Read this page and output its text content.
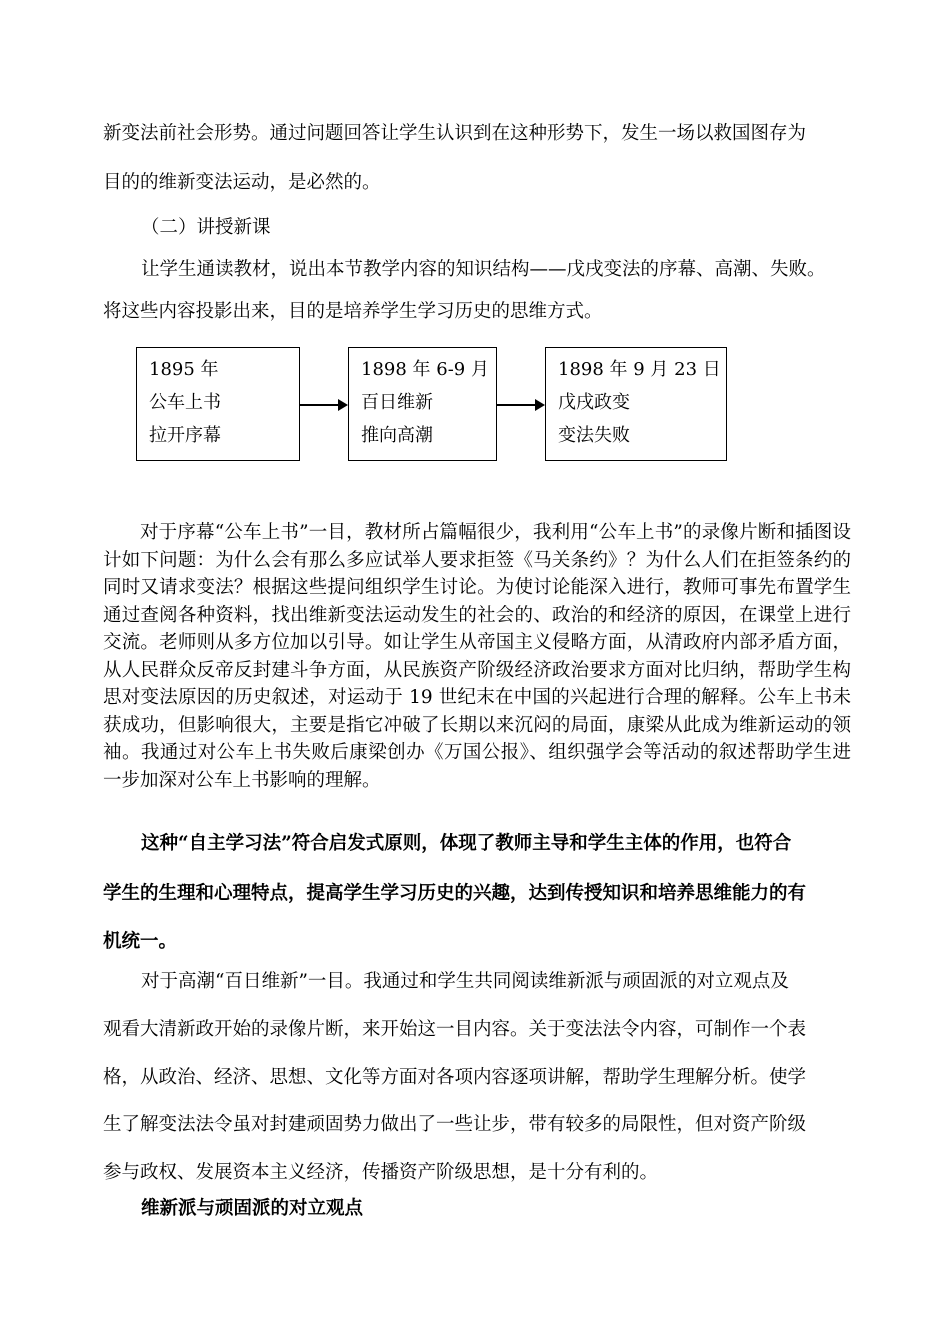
新变法前社会形势。通过问题回答让学生认识到在这种形势下，发生一场以救国图存为
目的的维新变法运动，是必然的。
（二）讲授新课
让学生通读教材，说出本节教学内容的知识结构——戊戌变法的序幕、高潮、失败。
将这些内容投影出来，目的是培养学生学习历史的思维方式。
1895 年
公车上书
拉开序幕
1898 年 6-9 月
百日维新
推向高潮
1898 年 9 月 23 日
戊戌政变
变法失败
对于序幕“公车上书”一目，教材所占篇幅很少，我利用“公车上书”的录像片断和插图设计如下问题：为什么会有那么多应试举人要求拒签《马关条约》？为什么人们在拒签条约的同时又请求变法？根据这些提问组织学生讨论。为使讨论能深入进行，教师可事先布置学生通过查阅各种资料，找出维新变法运动发生的社会的、政治的和经济的原因，在课堂上进行交流。老师则从多方位加以引导。如让学生从帝国主义侵略方面，从清政府内部矛盾方面，从人民群众反帝反封建斗争方面，从民族资产阶级经济政治要求方面对比归纳，帮助学生构思对变法原因的历史叙述，对运动于 19 世纪末在中国的兴起进行合理的解释。公车上书未获成功，但影响很大，主要是指它冲破了长期以来沉闷的局面，康梁从此成为维新运动的领袖。我通过对公车上书失败后康梁创办《万国公报》、组织强学会等活动的叙述帮助学生进一步加深对公车上书影响的理解。
这种“自主学习法”符合启发式原则，体现了教师主导和学生主体的作用，也符合
学生的生理和心理特点，提高学生学习历史的兴趣，达到传授知识和培养思维能力的有
机统一。
对于高潮“百日维新”一目。我通过和学生共同阅读维新派与顽固派的对立观点及
观看大清新政开始的录像片断，来开始这一目内容。关于变法法令内容，可制作一个表
格，从政治、经济、思想、文化等方面对各项内容逐项讲解，帮助学生理解分析。使学
生了解变法法令虽对封建顽固势力做出了一些让步，带有较多的局限性，但对资产阶级
参与政权、发展资本主义经济，传播资产阶级思想，是十分有利的。
维新派与顽固派的对立观点
